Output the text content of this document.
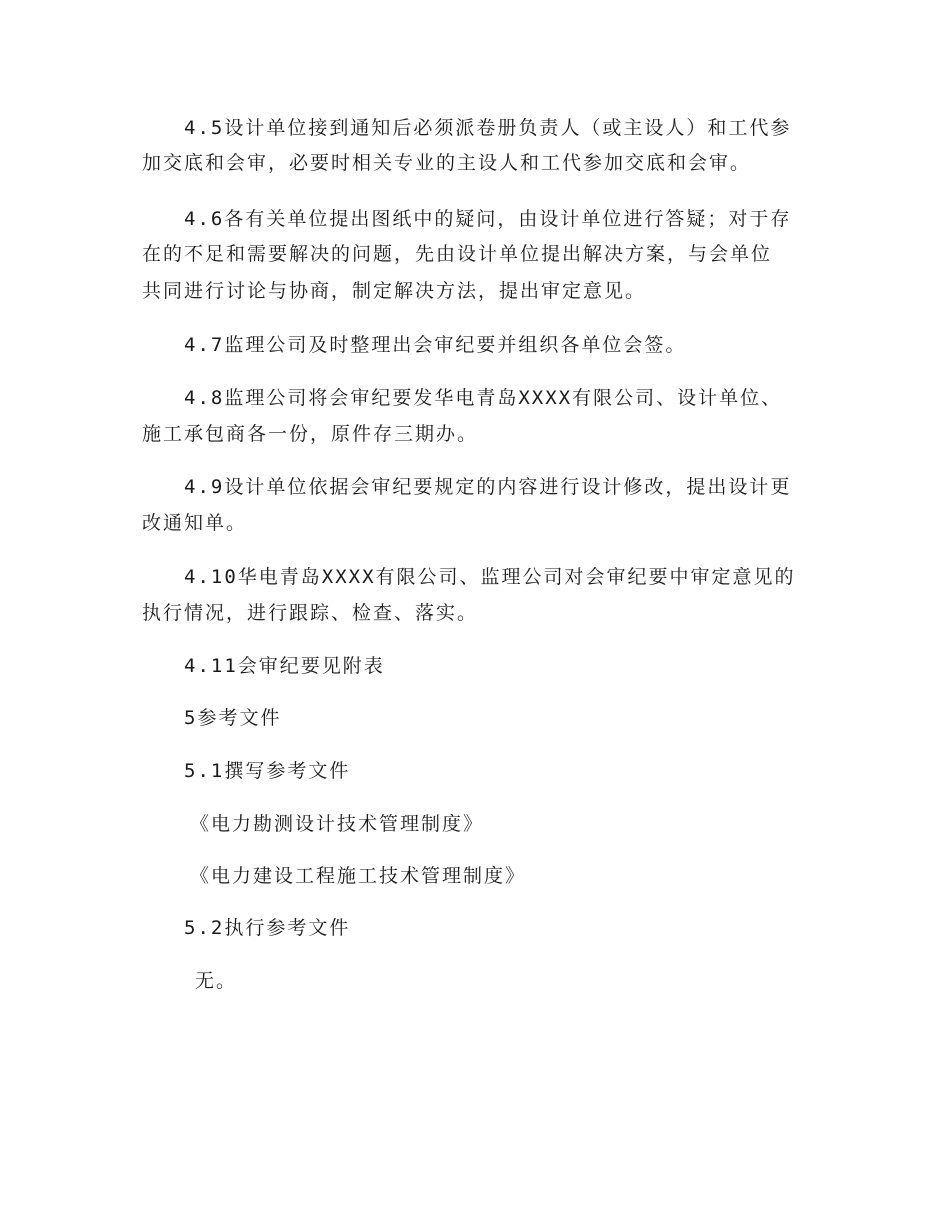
4.5设计单位接到通知后必须派卷册负责人（或主设人）和工代参
加交底和会审，必要时相关专业的主设人和工代参加交底和会审。
4.6各有关单位提出图纸中的疑问，由设计单位进行答疑；对于存
在的不足和需要解决的问题，先由设计单位提出解决方案，与会单位
共同进行讨论与协商，制定解决方法，提出审定意见。
4.7监理公司及时整理出会审纪要并组织各单位会签。
4.8监理公司将会审纪要发华电青岛XXXX有限公司、设计单位、
施工承包商各一份，原件存三期办。
4.9设计单位依据会审纪要规定的内容进行设计修改，提出设计更
改通知单。
4.10华电青岛XXXX有限公司、监理公司对会审纪要中审定意见的
执行情况，进行跟踪、检查、落实。
4.11会审纪要见附表
5参考文件
5.1撰写参考文件
《电力勘测设计技术管理制度》
《电力建设工程施工技术管理制度》
5.2执行参考文件
无。
